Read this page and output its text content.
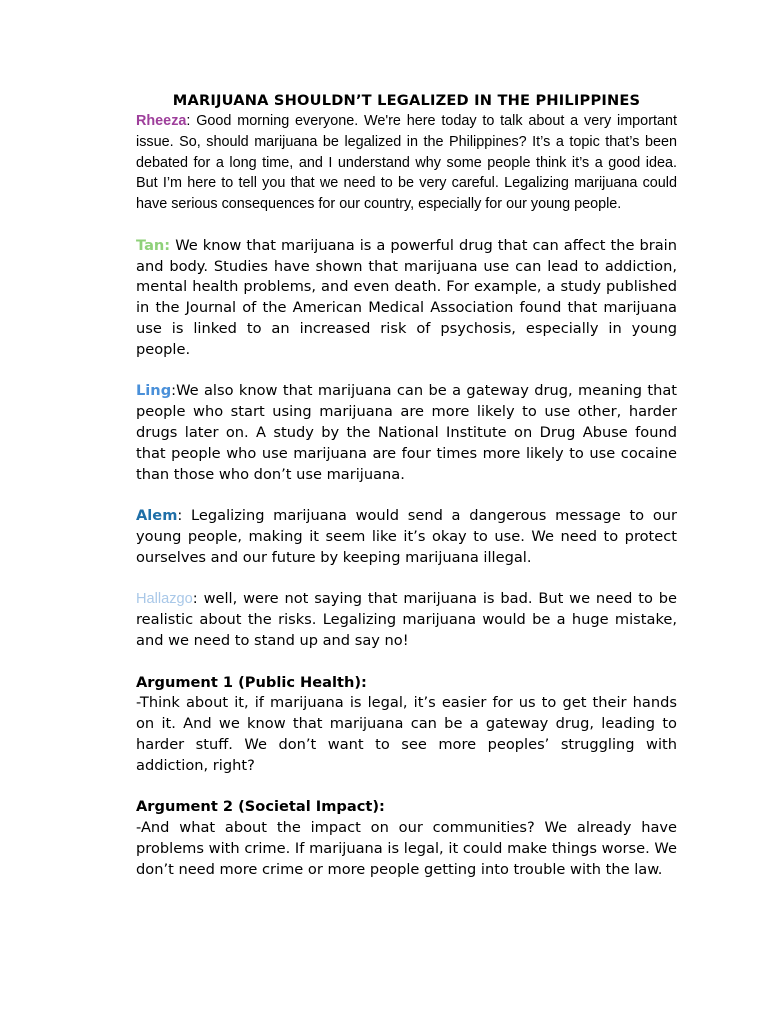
MARIJUANA SHOULDN’T LEGALIZED IN THE PHILIPPINES

Rheeza: Good morning everyone. We're here today to talk about a very important issue. So, should marijuana be legalized in the Philippines? It’s a topic that’s been debated for a long time, and I understand why some people think it’s a good idea. But I’m here to tell you that we need to be very careful. Legalizing marijuana could have serious consequences for our country, especially for our young people.

Tan: We know that marijuana is a powerful drug that can affect the brain and body. Studies have shown that marijuana use can lead to addiction, mental health problems, and even death. For example, a study published in the Journal of the American Medical Association found that marijuana use is linked to an increased risk of psychosis, especially in young people.

Ling:We also know that marijuana can be a gateway drug, meaning that people who start using marijuana are more likely to use other, harder drugs later on. A study by the National Institute on Drug Abuse found that people who use marijuana are four times more likely to use cocaine than those who don’t use marijuana.

Alem: Legalizing marijuana would send a dangerous message to our young people, making it seem like it’s okay to use. We need to protect ourselves and our future by keeping marijuana illegal.

Hallazgo: well, were not saying that marijuana is bad. But we need to be realistic about the risks. Legalizing marijuana would be a huge mistake, and we need to stand up and say no!

Argument 1 (Public Health):

-Think about it, if marijuana is legal, it’s easier for us to get their hands on it. And we know that marijuana can be a gateway drug, leading to harder stuff. We don’t want to see more peoples’ struggling with addiction, right?

Argument 2 (Societal Impact):

-And what about the impact on our communities? We already have problems with crime. If marijuana is legal, it could make things worse. We don’t need more crime or more people getting into trouble with the law.
